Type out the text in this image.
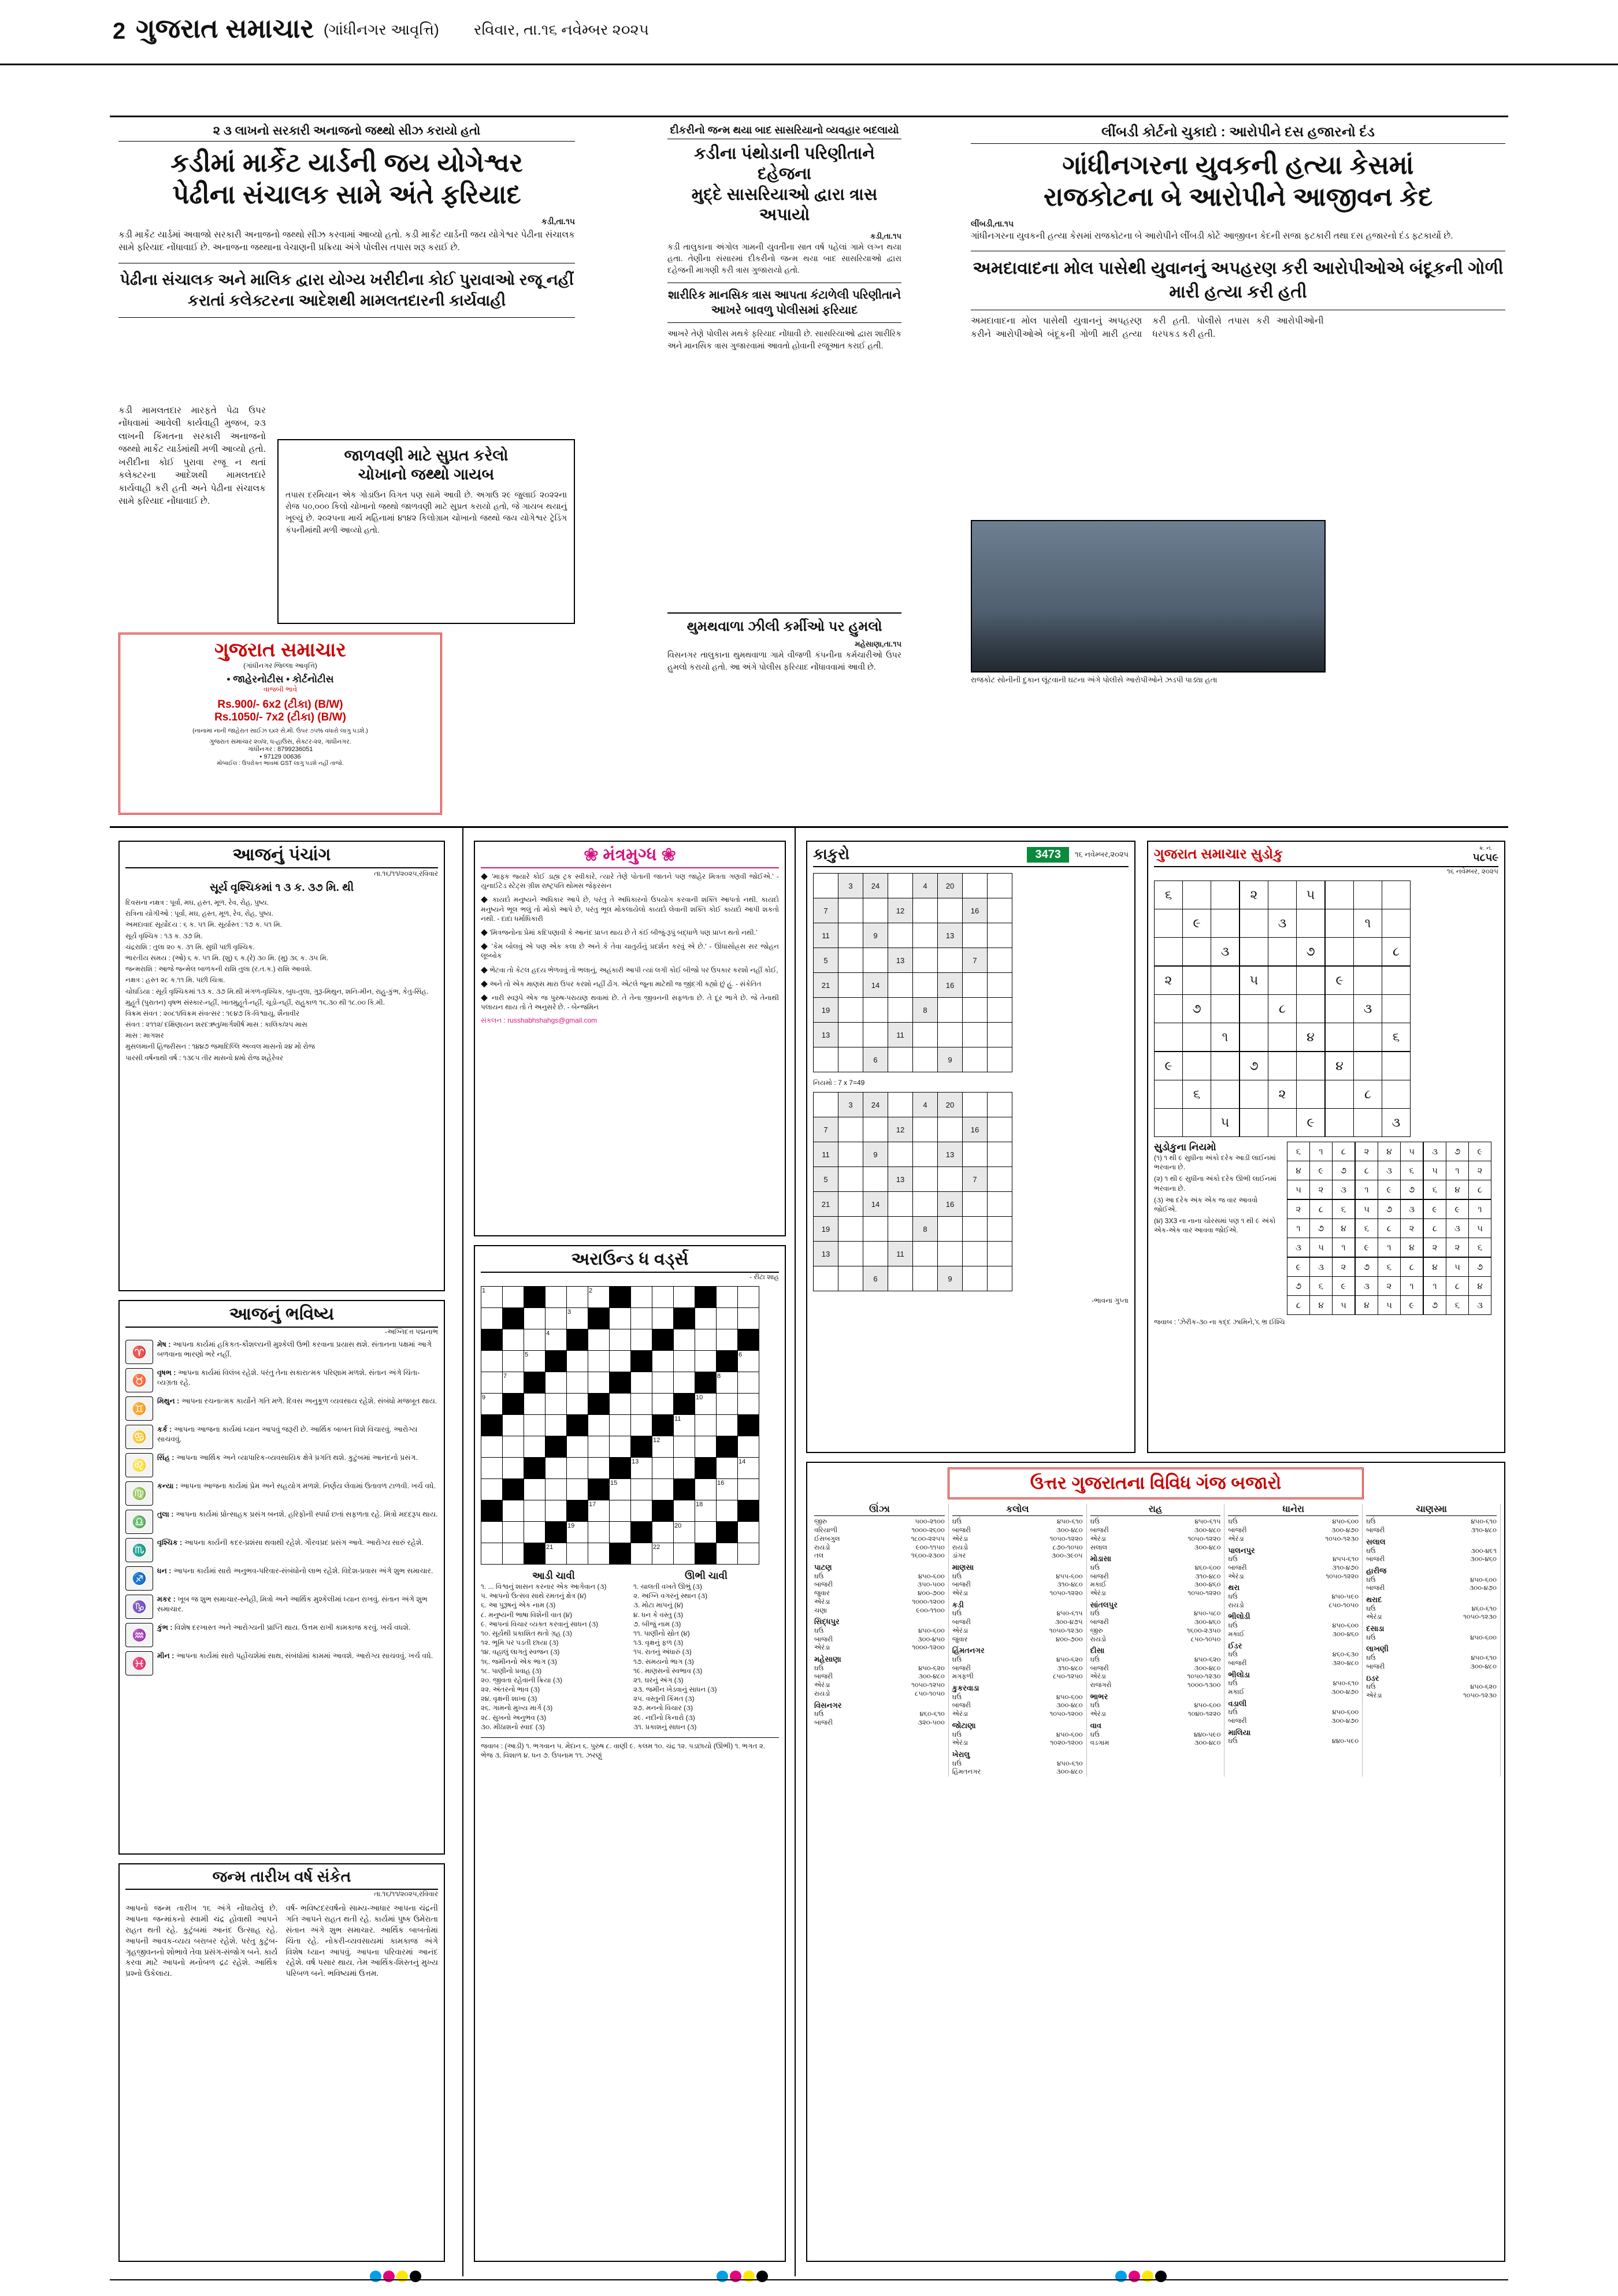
2 ગુજરાત સમાચાર (ગાંધીનગર આવૃત્તિ) રવિવાર, તા.૧૬ નવેમ્બર ૨૦૨૫
૨ ૩ લાખનો સરકારી અનાજનો જથ્થો સીઝ કરાયો હતો
કડીમાં માર્કેટ યાર્ડની જય યોગેશ્વર
પેઢીના સંચાલક સામે અંતે ફરિયાદ
કડી,તા.૧૫
કડી માર્કેટ યાર્ડમાં અવાજો સરકારી અનાજનો જથ્થો સીઝ કરવામાં આવ્યો હતો. કડી માર્કેટ યાર્ડની જય યોગેશ્વર પેઢીના સંચાલક સામે ફરિયાદ નોંધાવાઈ છે. અનાજના જથ્થાના વેચાણની પ્રક્રિયા અંગે પોલીસ તપાસ શરૂ કરાઈ છે.
પેઢીના સંચાલક અને માલિક દ્વારા યોગ્ય ખરીદીના કોઈ પુરાવાઓ રજૂ નહીં કરાતાં કલેક્ટરના આદેશથી મામલતદારની કાર્યવાહી
કડી મામલતદાર મારફતે પેઢા ઉપર નોંધવામાં આવેલી કાર્યવાહી મુજબ, ૨૩ લાખની કિંમતના સરકારી અનાજનો જથ્થો માર્કેટ યાર્ડમાંથી મળી આવ્યો હતો. ખરીદીના કોઈ પુરાવા રજૂ ન થતાં કલેક્ટરના આદેશથી મામલતદારે કાર્યવાહી કરી હતી અને પેઢીના સંચાલક સામે ફરિયાદ નોંધાવાઈ છે.
જાળવણી માટે સુપ્રત કરેલો
ચોખાનો જથ્થો ગાયબ
તપાસ દરમિયાન એક ગોડાઉન વિગત પણ સામે આવી છે. અગાઉ ૨૯ જુલાઈ ૨૦૨૨ના રોજ ૫૦,૦૦૦ કિલો ચોખાનો જથ્થો જાળવણી માટે સુપ્રત કરાયો હતો, જે ગાયબ થયાનું ખૂલ્યું છે. ૨૦૨૫ના માર્ચ મહિનામાં ૪૧૪૨ કિલોગ્રામ ચોખાનો જથ્થો જય યોગેશ્વર ટ્રેડિંગ કંપનીમાંથી મળી આવ્યો હતો.
દીકરીનો જન્મ થયા બાદ સાસરિયાનો વ્યવહાર બદલાયો
કડીના પંથોડાની પરિણીતાને દહેજના
મુદ્દે સાસરિયાઓ દ્વારા ત્રાસ અપાયો
કડી,તા.૧૫
કડી તાલુકાના અંગોલ ગામની યુવતીના સાત વર્ષ પહેલાં ગામે લગ્ન થયા હતા. તેણીના સંસારમાં દીકરીનો જન્મ થયા બાદ સાસરિયાઓ દ્વારા દહેજની માગણી કરી ત્રાસ ગુજારાયો હતો.
શારીરિક માનસિક ત્રાસ આપતા કંટાળેલી પરિણીતાને આખરે બાવળુ પોલીસમાં ફરિયાદ
આખરે તેણે પોલીસ મથકે ફરિયાદ નોંધાવી છે. સાસરિયાઓ દ્વારા શારીરિક અને માનસિક ત્રાસ ગુજારવામાં આવતો હોવાની રજૂઆત કરાઈ હતી.
થુમથવાળા ઝીલી કર્મીઓ પર હુમલો
મહેસાણા,તા.૧૫
વિસનગર તાલુકાના થુમથવાળા ગામે વીજળી કંપનીના કર્મચારીઓ ઉપર હુમલો કરાયો હતો. આ અંગે પોલીસ ફરિયાદ નોંધાવવામાં આવી છે.
લીંબડી કોર્ટનો ચુકાદો : આરોપીને દસ હજારનો દંડ
ગાંધીનગરના યુવકની હત્યા કેસમાં
રાજકોટના બે આરોપીને આજીવન કેદ
લીંબડી,તા.૧૫
ગાંધીનગરના યુવકની હત્યા કેસમાં રાજકોટના બે આરોપીને લીંબડી કોર્ટે આજીવન કેદની સજા ફટકારી તથા દસ હજારનો દંડ ફટકાર્યો છે.
અમદાવાદના મોલ પાસેથી યુવાનનું અપહરણ કરી આરોપીઓએ બંદૂકની ગોળી મારી હત્યા કરી હતી
અમદાવાદના મોલ પાસેથી યુવાનનું અપહરણ કરીને આરોપીઓએ બંદૂકની ગોળી મારી હત્યા કરી હતી. પોલીસે તપાસ કરી આરોપીઓની ધરપકડ કરી હતી.
રાજકોટ સોનીની દુકાન લૂંટવાની ઘટના અંગે પોલીસે આરોપીઓને ઝડપી પાડ્યા હતા
ગુજરાત સમાચાર
(ગાંધીનગર જિલ્લા આવૃત્તિ)
• જાહેરનોટીસ • કોર્ટનોટીસ
વાજબી ભાવે
Rs.900/- 6x2 (ટીકા) (B/W)
Rs.1050/- 7x2 (ટીકા) (B/W)
(નાનામાં નાની જાહેરાત સાઈઝ ૬x૨ સે.મી. ઉપર ૭૫% વધારો લાગુ પડશે.)
ગુજરાત સમાચાર ૨૦/૨, ધ-હાઉસ, સેક્ટર-૨૨, ગાંધીનગર.
ગાંધીનગર : 8799236051
• 97129 00636
મોબાઈલ : ઉપરોક્ત ભાવમાં GST લાગુ પડશે નહીં તાજો.
આજનું પંચાંગ
તા.૧૬/૧૧/૨૦૨૫,રવિવાર
સૂર્ય વૃશ્ચિકમાં ૧ ૩ ક. ૩૭ મિ. થી
દિવસના નક્ષત્ર : પૂર્વા, મઘ, હસ્ત, મૂળ, રેવ, રોહ, પુષ્ય.
રાત્રિના યોગીઓ : પૂર્વા, મઘ, હસ્ત, મૂળ, રેવ, રોહ, પુષ્ય.
અમદાવાદ સૂર્યોદય : ૬ ક. ૫૧ મિ. સૂર્યાસ્ત : ૧૭ ક. ૫૧ મિ.
સૂર્ય વૃશ્ચિક : ૧૩ ક. ૩૭ મિ.
ચંદ્રરાશિ : તુલા ૨૦ ક. ૩૧ મિ. સુધી પછી વૃશ્ચિક.
ભારતીય સમય : (ઓ) ૬ ક. ૫૧ મિ. (શુ) ૬ ક.(રે) ૩૦ મિ. (મુ) ૩૬ ક. ૩૫ મિ.
જન્મરાશિ : આજે જન્મેલ બાળકની રાશિ તુલા (ર.ત.ક.) રાશિ આવશે.
નક્ષત્ર : હસ્ત ૨૮ ક.૧૧ મિ. પછી ચિત્રા.
ચોઘડિયા : સૂર્ય વૃશ્ચિકમાં ૧૩ ક. ૩૭ મિ.થી મંગળ-વૃશ્ચિક, બુધ-તુલા, ગુરૂ-મિથુન, શનિ-મીન, રાહુ-કુંભ, કેતુ-સિંહ.
મુહૂર્ત (પુરાતન) વૃષભ સંસ્કાર-નહીં, ખાતમુહૂર્ત-નહીં, ચૂડો-નહીં, રાહુકાળ ૧૬.૩૦ થી ૧૮.૦૦ કિ.મી.
વિક્રમ સંવત : ૨૦૮૧/વિક્રમ સંવત્સર : ૧૯૪૭ કિ-વિશ્વાયુ, શૈનાવીર
સંવત : ૨૧૧૨/ દક્ષિણાયન શરદઋતુ/માર્ગશીર્ષ માસ : કાલિક/૨૫ માસ
માસ : માગશર
મુસલમાની હિજરીસન : ૧૪૪૭ જમાદિલ્લિ અવ્વલ માસનો ૨૪ મો રોજ
પારસી વર્ષનાથી વર્ષ : ૧૩૯૫ તીર માસનો ૪મો રોજ શહેરેવર
આજનું ભવિષ્ય
-અગ્નિદત્ત પદ્મનાભ
♈
મેષ : આપના કાર્યમાં હકિકત-કૌશલ્યની મુશ્કેલી ઉભી કરવાના પ્રયાસ થશે. સંતાનના પક્ષમાં આગે બળવાના ભારણો ભરે નહીં.
♉
વૃષભ : આપના કાર્યમાં વિલંબ રહેશે. પરંતુ તેના સકારાત્મક પરિણામ મળશે. સંતાન અંગે ચિંતા-વ્યગ્રતા રહે.
♊
મિથુન : આપના રચનાત્મક કાર્યોને ગતિ મળે. દિવસ અનુકૂળ વ્યવસાય રહેશે. સંબંધો મજબૂત થાય.
♋
કર્ક : આપના આજના કાર્યમાં ધ્યાન આપવું જરૂરી છે. આર્થિક બાબત વિશે વિચારવું. આરોગ્ય સાચવવું.
♌
સિંહ : આપના આર્થિક અને વ્યાપારિક-વ્યવસાયિક ક્ષેત્રે પ્રગતિ થશે. કુટુંબમાં આનંદનો પ્રસંગ.
♍
કન્યા : આપના આજના કાર્યમાં પ્રેમ અને સહયોગ મળશે. નિર્ણય લેવામાં ઉતાવળ ટાળવી. ખર્ચ વધે.
♎
તુલા : આપના કાર્યમાં પ્રોત્સાહક પ્રસંગ બનશે. હરિફોની સ્પર્ધા છતાં સફળતા રહે. મિત્રો મદદરૂપ થાય.
♏
વૃશ્ચિક : આપના કાર્યની કદર-પ્રશંસા થવાથી રહેશે. ગૌરવપ્રદ પ્રસંગ આવે. આરોગ્ય સારું રહેશે.
♐
ધન : આપના કાર્યમાં સારો અનુભવ-પરિવાર-સંબંધોનો લાભ રહેશે. વિદેશ-પ્રવાસ અંગે શુભ સમાચાર.
♑
મકર : ખૂબ જ શુભ સમાચાર-સ્નેહી, મિત્રો અને આર્થિક મુશ્કેલીમાં ધ્યાન રાખવું. સંતાન અંગે શુભ સમાચાર.
♒
કુંભ : વિશેષ દરખાસ્ત અને આરોગ્યની પ્રાપ્તિ થાય. ઉત્તમ રાખી કામકાજ કરવું. ખર્ચ વધશે.
♓
મીન : આપના કાર્યમાં સારો પહોંચશેમાં સાથ, સંબંધોમાં કામમાં આવશે. આરોગ્ય સાચવવું. ખર્ચ વધે.
જન્મ તારીખ વર્ષ સંકેત
તા.૧૬/૧૧/૨૦૨૫,રવિવાર
આપનો જન્મ તારીખ ૧૬ અંગે નોંધાયેલું છે. આપના જન્માંકનો સ્વામી ચંદ્ર હોવાથી આપને રાહત થતી રહે. કુટુંબમાં આનંદ ઉત્સાહ રહે. આપની આવક-વ્યય બરાબર રહેશે. પરંતુ કુટુંબ-ગૃહજીવનનો શોભાવે તેવા પ્રસંગ-સંજોગ બને. કાર્ય કરવા માટે આપનો મનોબળ દ્રઢ રહેશે. આર્થિક પ્રશ્નો ઉકેલાય.
વર્ષ- ભવિષ્ટદરવર્ષનો સામ્ય-આધાર આપના ચંદ્રની ગતિ આપને રાહત થતી રહે. કાર્યમાં પુષ્ક ઉમેરાતા સંતાન અંગે શુભ સમાચાર. આર્થિક બાબતોમાં ચિંતા રહે. નોકરી-વ્યવસાયમાં કામકાજ અંગે વિશેષ ધ્યાન આપવું. આપના પરિવારમાં આનંદ રહેશે. વર્ષ પસાર થાય. તેમ આર્થિક-શિસ્તનું મુખ્ય પરિબળ બને. ભવિષ્યમાં ઉત્તમ.
❀ મંત્રમુગ્ધ ❀
◆ 'માફ્ક જ્યારે કોઈ ડાહ્ય ટ્રક સ્વીકારે, ત્યારે તેણે પોતાની જાતને પણ જાહેર મિત્રતા ગણવી જોઈએ.' - યુનાઈટેડ સ્ટેટ્સ ગ્રીશ રાષ્ટ્રપતિ થોમસ જેફરસન
◆ કાયદો મનુષ્યને અધિકાર આપે છે, પરંતુ તે અધિકારનો ઉપયોગ કરવાની શક્તિ આપતો નથી. કાયદો મનુષ્યને ભૂલ ભલું તો મોકો આપે છે, પરંતુ ભૂલ મોકલાયેલો કાયદો લેવાની શક્તિ કોઈ કાયદો આપી શકતો નથી. - દાદા ધર્માધિકારી
◆ 'મિત્રજનોના પ્રેમાં કદિપણાવી કે આનંદ પ્રાપ્ત થાય છે તે કંઈ બીજું-રૂપું બદ્ધાળે પણ પ્રાપ્ત થતો નથી.'
◆ 'કેમ બોલવું એ પણ એક કલા છે અને કે તેવા ચાતુર્યનું પ્રદર્શન કરવું એ છે.' - ઊંધાસોહ્રસ સર જોહન લૂબ્બોક
◆ ભેટવા તો કેટલ હદય ભેળવવું તો ભલાનું, અહંકારી આપી ત્યાં લગી કોઈ બીજો પર ઉપકાર કરશો નહીં કોઈ,
◆ અને તો એક માણસ મારા ઉપર કરશો નહીં ઢોંગ. એટલે જૂના માટેથી જ જીંદગી કહ્યો છું હું. - સંકેતિત
◆ નારી સ્વરૂપે એક જ પુરુષ-પરાયણ થવામાં છે. તે તેના જીવનની સફળતા છે. તે દૂર ભાગે છે. જે તેનાથી પલાયન થાય તો તે અનુસરે છે. - બેન્જમિન
સંકલન : russhabhshahgs@gmail.com
અરાઉન્ડ ધ વર્ડ્સ
- રીટા શાહ
1					2							
				3								
			4									
		5										6
	7										8	
9										10		
									11			
								12				
							13					14
						15					16	
					17					18		
				19					20			
			21					22				
આડી ચાવી
૧. ... વિશ્વનું શાસન કરનાર એક આગેવાન (૩)
૫. આપનો ઉત્સવ સાથે રમતનું ક્ષેત્ર (૪)
૬. આ પુરૂષનું એક નામ (૩)
૮. મનુષ્યની ભાષા વિશેની વાત (૪)
૯. આપનાં વિચાર વ્યક્ત કરવાનું સાધન (૩)
૧૦. સૂર્યથી પ્રકાશિત થતો ગ્રહ (૩)
૧૨. ભૂમિ પર પડતી છાયા (૩)
૧૪. વહાલું લાગતું સ્વજન (૩)
૧૬. જમીનનો એક ભાગ (૩)
૧૮. પાણીનો પ્રવાહ (૩)
૨૦. જીવતા રહેવાની ક્રિયા (૩)
૨૨. અંતરનો ભાવ (૩)
૨૪. વૃક્ષની શાખા (૩)
૨૬. ગામનો મુખ્ય માર્ગ (૩)
૨૮. સુખનો અનુભવ (૩)
૩૦. મીઠાશનો સ્વાદ (૩)
ઊભી ચાવી
૧. ચાલતી વખતે ઊભું (૩)
૨. અગ્નિ વગરનું સ્થાન (૩)
૩. મોટા માપનું (૪)
૪. ધન કે વસ્તુ (૩)
૭. બીજું નામ (૩)
૧૧. પાણીનો સ્રોત (૪)
૧૩. વૃક્ષનું ફળ (૩)
૧૫. રાતનું અંધારું (૩)
૧૭. સમયનો ભાગ (૩)
૧૯. માણસનો સ્વભાવ (૩)
૨૧. ઘરનું અંગ (૩)
૨૩. જમીન ખેડવાનું સાધન (૩)
૨૫. વસ્તુની કિંમત (૩)
૨૭. મનનો વિચાર (૩)
૨૯. નદીનો કિનારો (૩)
૩૧. પ્રકાશનું સાધન (૩)
જવાબ : (આડી) ૧. ભગવાન ૫. મેદાન ૬. પુરુષ ૮. વાણી ૯. કલમ ૧૦. ચંદ્ર ૧૨. પડછાયો (ઊભી) ૧. ભગત ૨. ભેજ ૩. વિશાળ ૪. ધન ૭. ઉપનામ ૧૧. ઝરણું
કાકુરો	3473	૧૬ નવેમ્બર,૨૦૨૫
	3	24		4	20		
7			12			16	
11		9			13		
5			13			7	
21		14			16		
19				8			
13			11				
		6			9		
નિયમો : 7 x 7=49
	3	24		4	20		
7			12			16	
11		9			13		
5			13			7	
21		14			16		
19				8			
13			11				
		6			9		
-ભાવના ગુપ્તા
ગુજરાત સમાચાર સુડોકુ	ક્ર. નં.
૫૮૫૯
૧૬ નવેમ્બર, ૨૦૨૫
૬			૨		૫			
	૯			૩			૧	
		૩			૭			૮
૨			૫			૯		
	૭			૮			૩	
		૧			૪			૬
૯			૭			૪		
	૬			૨			૮	
		૫			૯			૩
સુડોકુના નિયમો
(૧) ૧ થી ૯ સુધીના અંકો દરેક આડી લાઈનમાં ભરવાના છે.
(૨) ૧ થી ૯ સુધીના અંકો દરેક ઊભી લાઈનમાં ભરવાના છે.
(૩) આ દરેક અંક એક જ વાર આવવો જોઈએ.
(૪) 3X3 ના નાના ચોરસમાં પણ ૧ થી ૯ અંકો એક-એક વાર આવવા જોઈએ.
૬	૧	૮	૨	૪	૫	૩	૭	૯
૪	૯	૭	૮	૩	૬	૫	૧	૨
૫	૨	૩	૧	૯	૭	૬	૪	૮
૨	૮	૬	૫	૭	૩	૯	૯	૧
૧	૭	૪	૬	૮	૨	૮	૩	૫
૩	૫	૧	૯	૧	૪	૨	૨	૬
૯	૩	૨	૭	૬	૮	૪	૫	૭
૭	૬	૯	૩	૨	૧	૧	૮	૪
૮	૪	૫	૪	૫	૯	૭	૬	૩
જવાબ : 'ઝેરીક-૩૦ ના કદ્દ ઝામિને,'૬ ભ્ર ઈશ્ચિ
ઉત્તર ગુજરાતના વિવિધ ગંજ બજારો
ઊંઝા
જીરુ	૫૦૦-૨૧૦૦
વરિયાળી	૧૦૦૦-૨૬૦૦
ઈસબગુલ	૧૮૦૦-૨૨૫૫
રાયડો	૯૦૦-૧૧૫૦
તલ	૧૬૦૦-૨૩૦૦
પાટણ
ઘઉં	૪૫૦-૬૦૦
બાજરી	૩૫૦-૫૦૦
જુવાર	૪૦૦-૭૦૦
એરંડા	૧૦૦૦-૧૨૦૦
ચણા	૯૦૦-૧૧૦૦
સિદ્ધપુર
ઘઉં	૪૫૦-૬૦૦
બાજરી	૩૦૦-૪૫૦
એરંડા	૧૦૦૦-૧૨૦૦
મહેસાણા
ઘઉં	૪૫૦-૬૨૦
બાજરી	૩૦૦-૪૮૦
એરંડા	૧૦૫૦-૧૨૫૦
રાયડો	૮૫૦-૧૦૫૦
વિસનગર
ઘઉં	૪૬૦-૬૧૦
બાજરી	૩૨૦-૫૦૦
કલોલ
ઘઉં	૪૫૦-૬૧૦
બાજરી	૩૦૦-૪૮૦
એરંડા	૧૦૫૦-૧૨૨૦
રાયડો	૮૭૦-૧૦૫૦
ડાંગર	૩૦૦-૩૯૦૫
માણસા
ઘઉં	૪૫૫-૬૦૦
બાજરી	૩૧૦-૪૮૦
એરંડા	૧૦૫૦-૧૨૨૦
કડી
ઘઉં	૪૫૦-૬૧૫
બાજરી	૩૦૦-૪૭૫
એરંડા	૧૦૫૦-૧૨૩૦
જુવાર	૪૦૦-૭૦૦
હિંમતનગર
ઘઉં	૪૫૦-૬૨૦
બાજરી	૩૧૦-૪૮૦
મગફળી	૮૫૦-૧૨૫૦
કુકરવાડા
ઘઉં	૪૫૦-૬૦૦
બાજરી	૩૦૦-૪૮૦
એરંડા	૧૦૫૦-૧૨૦૦
જોટાણા
ઘઉં	૪૫૦-૬૦૦
એરંડા	૧૦૨૦-૧૨૦૦
ખેરાલુ
ઘઉં	૪૫૦-૬૧૦
હિંમતનગર	૩૦૦-૪૮૦
રાહ
ઘઉં	૪૫૦-૬૧૫
બાજરી	૩૦૦-૪૮૦
એરંડા	૧૦૫૦-૧૨૨૦
સલાલ	૩૦૦-૪૮૦
મોડાસા
ઘઉં	૪૬૦-૬૦૦
બાજરી	૩૧૦-૪૮૦
મકાઈ	૩૦૦-૪૬૦
એરંડા	૧૦૫૦-૧૨૨૦
સાંતલપુર
ઘઉં	૪૫૦-૫૮૦
બાજરી	૩૦૦-૪૬૦
જીરુ	૧૬૦૦-૨૩૫૦
રાયડો	૮૫૦-૧૦૫૦
દીસા
ઘઉં	૪૫૦-૬૨૦
બાજરી	૩૦૦-૪૮૦
એરંડા	૧૦૫૦-૧૨૩૦
રાજગરો	૧૦૦૦-૧૩૦૦
ભાભર
ઘઉં	૪૫૦-૬૦૦
એરંડા	૧૦૪૦-૧૨૨૦
વાવ
ઘઉં	૪૪૦-૫૯૦
વડગામ	૩૦૦-૪૮૦
ધાનેરા
ઘઉં	૪૫૦-૬૦૦
બાજરી	૩૦૦-૪૭૦
એરંડા	૧૦૫૦-૧૨૩૦
પાલનપુર
ઘઉં	૪૫૫-૬૧૦
બાજરી	૩૧૦-૪૭૦
એરંડા	૧૦૫૦-૧૨૨૦
થરા
ઘઉં	૪૫૦-૫૯૦
રાયડો	૮૫૦-૧૦૫૦
ભીલોડી
ઘઉં	૪૫૦-૬૦૦
મકાઈ	૩૦૦-૪૬૦
ઈડર
ઘઉં	૪૬૦-૬૩૦
બાજરી	૩૨૦-૪૮૦
ભીલોડા
ઘઉં	૪૫૦-૬૧૦
મકાઈ	૩૦૦-૪૭૦
વડાલી
ઘઉં	૪૫૦-૬૦૦
બાજરી	૩૦૦-૪૭૦
માલિયા
ઘઉં	૪૪૦-૫૯૦
ચાણસ્મા
ઘઉં	૪૫૦-૬૧૦
બાજરી	૩૧૦-૪૮૦
સલાલ
ઘઉં	૩૦૦-૪૯૧
બાજરી	૩૦૦-૪૬૦
હારીજ
ઘઉં	૪૫૦-૬૦૦
બાજરી	૩૦૦-૪૭૦
થરાદ
ઘઉં	૪૬૦-૬૧૦
એરંડા	૧૦૫૦-૧૨૩૦
દસાડા
ઘઉં	૪૫૦-૬૦૦
લાખણી
ઘઉં	૪૫૦-૬૧૦
બાજરી	૩૦૦-૪૮૦
ઇડર
ઘઉં	૪૫૦-૬૨૦
એરંડા	૧૦૫૦-૧૨૩૦
